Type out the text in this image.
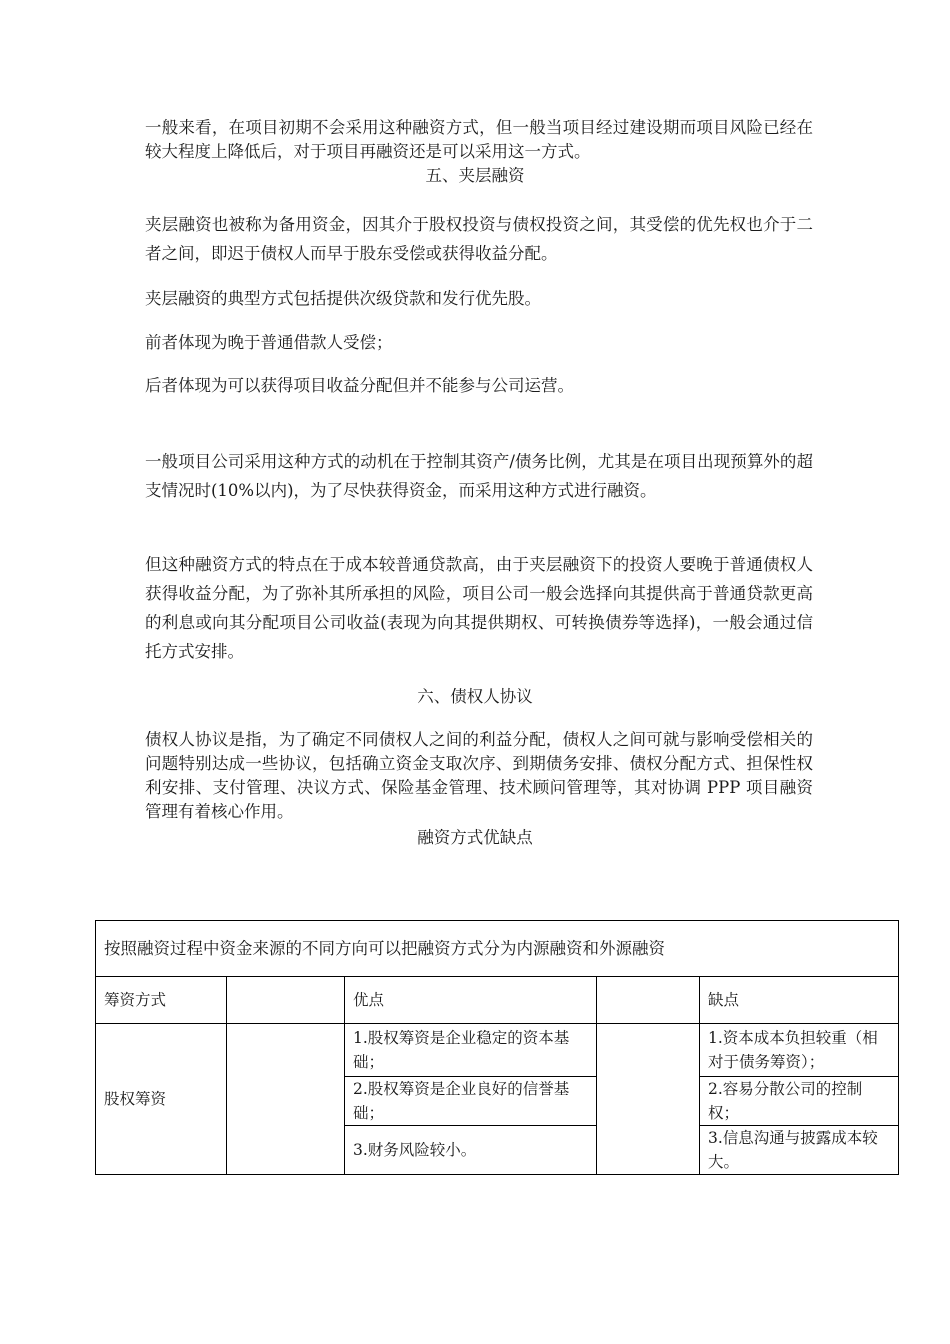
一般来看，在项目初期不会采用这种融资方式，但一般当项目经过建设期而项目风险已经在较大程度上降低后，对于项目再融资还是可以采用这一方式。

五、夹层融资

夹层融资也被称为备用资金，因其介于股权投资与债权投资之间，其受偿的优先权也介于二者之间，即迟于债权人而早于股东受偿或获得收益分配。

夹层融资的典型方式包括提供次级贷款和发行优先股。

前者体现为晚于普通借款人受偿；

后者体现为可以获得项目收益分配但并不能参与公司运营。

一般项目公司采用这种方式的动机在于控制其资产/债务比例，尤其是在项目出现预算外的超支情况时(10%以内)，为了尽快获得资金，而采用这种方式进行融资。

但这种融资方式的特点在于成本较普通贷款高，由于夹层融资下的投资人要晚于普通债权人获得收益分配，为了弥补其所承担的风险，项目公司一般会选择向其提供高于普通贷款更高的利息或向其分配项目公司收益(表现为向其提供期权、可转换债券等选择)，一般会通过信托方式安排。

六、债权人协议

债权人协议是指，为了确定不同债权人之间的利益分配，债权人之间可就与影响受偿相关的问题特别达成一些协议，包括确立资金支取次序、到期债务安排、债权分配方式、担保性权利安排、支付管理、决议方式、保险基金管理、技术顾问管理等，其对协调 PPP 项目融资管理有着核心作用。

融资方式优缺点

按照融资过程中资金来源的不同方向可以把融资方式分为内源融资和外源融资				
筹资方式		优点		缺点
股权筹资		1.股权筹资是企业稳定的资本基础；		1.资本成本负担较重（相对于债务筹资）；
		2.股权筹资是企业良好的信誉基础；		2.容易分散公司的控制权；

		3.财务风险较小。		3.信息沟通与披露成本较大。
